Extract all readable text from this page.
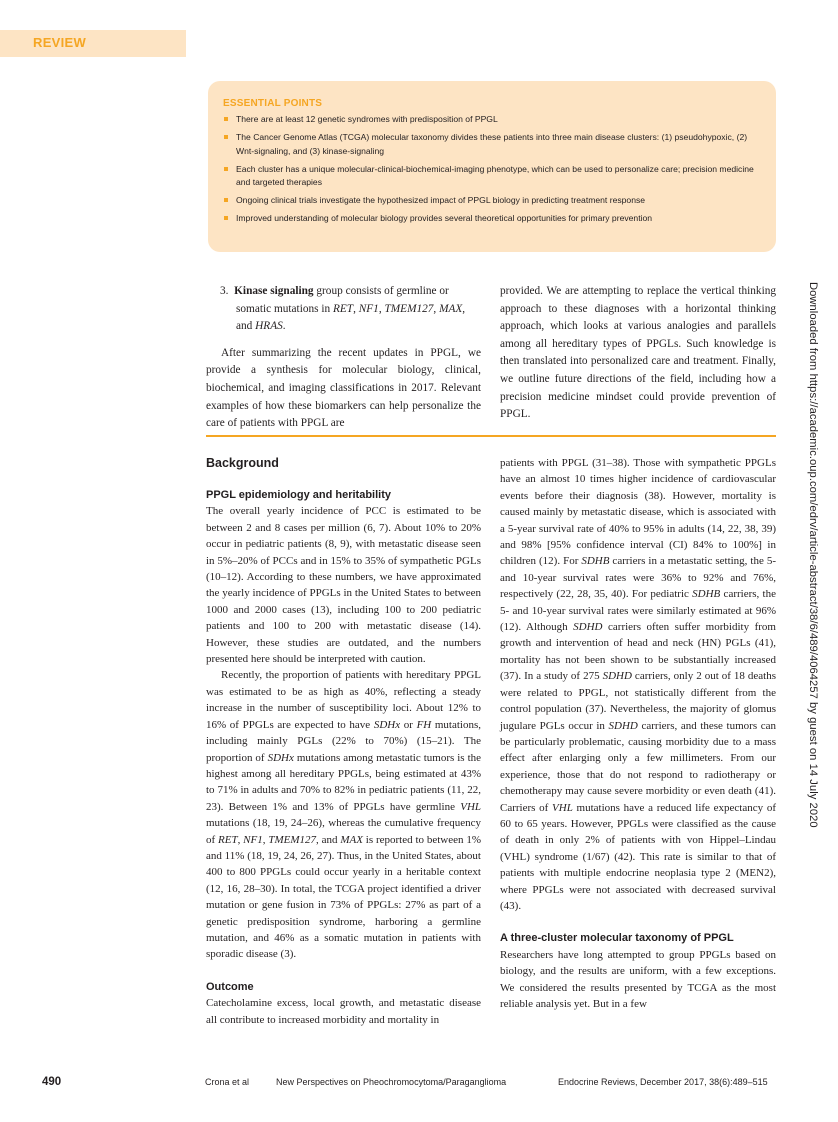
REVIEW
ESSENTIAL POINTS
There are at least 12 genetic syndromes with predisposition of PPGL
The Cancer Genome Atlas (TCGA) molecular taxonomy divides these patients into three main disease clusters: (1) pseudohypoxic, (2) Wnt-signaling, and (3) kinase-signaling
Each cluster has a unique molecular-clinical-biochemical-imaging phenotype, which can be used to personalize care; precision medicine and targeted therapies
Ongoing clinical trials investigate the hypothesized impact of PPGL biology in predicting treatment response
Improved understanding of molecular biology provides several theoretical opportunities for primary prevention

3. Kinase signaling group consists of germline or somatic mutations in RET, NF1, TMEM127, MAX, and HRAS.

After summarizing the recent updates in PPGL, we provide a synthesis for molecular biology, clinical, biochemical, and imaging classifications in 2017. Relevant examples of how these biomarkers can help personalize the care of patients with PPGL are

provided. We are attempting to replace the vertical thinking approach to these diagnoses with a horizontal thinking approach, which looks at various analogies and parallels among all hereditary types of PPGLs. Such knowledge is then translated into personalized care and treatment. Finally, we outline future directions of the field, including how a precision medicine mindset could provide prevention of PPGL.

Background
PPGL epidemiology and heritability

The overall yearly incidence of PCC is estimated to be between 2 and 8 cases per million (6, 7). About 10% to 20% occur in pediatric patients (8, 9), with metastatic disease seen in 5%–20% of PCCs and in 15% to 35% of sympathetic PGLs (10–12). According to these numbers, we have approximated the yearly incidence of PPGLs in the United States to between 1000 and 2000 cases (13), including 100 to 200 pediatric patients and 100 to 200 with metastatic disease (14). However, these studies are outdated, and the numbers presented here should be interpreted with caution.

Recently, the proportion of patients with hereditary PPGL was estimated to be as high as 40%, reflecting a steady increase in the number of susceptibility loci. About 12% to 16% of PPGLs are expected to have SDHx or FH mutations, including mainly PGLs (22% to 70%) (15–21). The proportion of SDHx mutations among metastatic tumors is the highest among all hereditary PPGLs, being estimated at 43% to 71% in adults and 70% to 82% in pediatric patients (11, 22, 23). Between 1% and 13% of PPGLs have germline VHL mutations (18, 19, 24–26), whereas the cumulative frequency of RET, NF1, TMEM127, and MAX is reported to between 1% and 11% (18, 19, 24, 26, 27). Thus, in the United States, about 400 to 800 PPGLs could occur yearly in a heritable context (12, 16, 28–30). In total, the TCGA project identified a driver mutation or gene fusion in 73% of PPGLs: 27% as part of a genetic predisposition syndrome, harboring a germline mutation, and 46% as a somatic mutation in patients with sporadic disease (3).

Outcome

Catecholamine excess, local growth, and metastatic disease all contribute to increased morbidity and mortality in

patients with PPGL (31–38). Those with sympathetic PPGLs have an almost 10 times higher incidence of cardiovascular events before their diagnosis (38). However, mortality is caused mainly by metastatic disease, which is associated with a 5-year survival rate of 40% to 95% in adults (14, 22, 38, 39) and 98% [95% confidence interval (CI) 84% to 100%] in children (12). For SDHB carriers in a metastatic setting, the 5- and 10-year survival rates were 36% to 92% and 76%, respectively (22, 28, 35, 40). For pediatric SDHB carriers, the 5- and 10-year survival rates were similarly estimated at 96% (12). Although SDHD carriers often suffer morbidity from growth and intervention of head and neck (HN) PGLs (41), mortality has not been shown to be substantially increased (37). In a study of 275 SDHD carriers, only 2 out of 18 deaths were related to PPGL, not statistically different from the control population (37). Nevertheless, the majority of glomus jugulare PGLs occur in SDHD carriers, and these tumors can be particularly problematic, causing morbidity due to a mass effect after enlarging only a few millimeters. From our experience, those that do not respond to radiotherapy or chemotherapy may cause severe morbidity or even death (41). Carriers of VHL mutations have a reduced life expectancy of 60 to 65 years. However, PPGLs were classified as the cause of death in only 2% of patients with von Hippel–Lindau (VHL) syndrome (1/67) (42). This rate is similar to that of patients with multiple endocrine neoplasia type 2 (MEN2), where PPGLs were not associated with decreased survival (43).

A three-cluster molecular taxonomy of PPGL

Researchers have long attempted to group PPGLs based on biology, and the results are uniform, with a few exceptions. We considered the results presented by TCGA as the most reliable analysis yet. But in a few

Downloaded from https://academic.oup.com/edrv/article-abstract/38/6/489/4064257 by guest on 14 July 2020
490	Crona et al	New Perspectives on Pheochromocytoma/Paraganglioma	Endocrine Reviews, December 2017, 38(6):489–515
